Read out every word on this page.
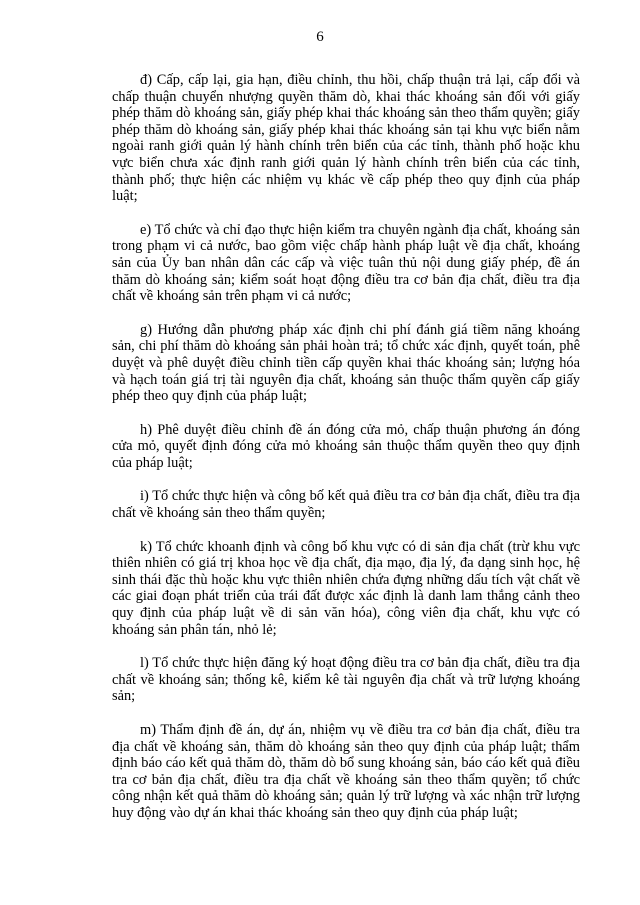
6

đ) Cấp, cấp lại, gia hạn, điều chỉnh, thu hồi, chấp thuận trả lại, cấp đổi và chấp thuận chuyển nhượng quyền thăm dò, khai thác khoáng sản đối với giấy phép thăm dò khoáng sản, giấy phép khai thác khoáng sản theo thẩm quyền; giấy phép thăm dò khoáng sản, giấy phép khai thác khoáng sản tại khu vực biển nằm ngoài ranh giới quản lý hành chính trên biển của các tỉnh, thành phố hoặc khu vực biển chưa xác định ranh giới quản lý hành chính trên biển của các tỉnh, thành phố; thực hiện các nhiệm vụ khác về cấp phép theo quy định của pháp luật;

e) Tổ chức và chỉ đạo thực hiện kiểm tra chuyên ngành địa chất, khoáng sản trong phạm vi cả nước, bao gồm việc chấp hành pháp luật về địa chất, khoáng sản của Ủy ban nhân dân các cấp và việc tuân thủ nội dung giấy phép, đề án thăm dò khoáng sản; kiểm soát hoạt động điều tra cơ bản địa chất, điều tra địa chất về khoáng sản trên phạm vi cả nước;

g) Hướng dẫn phương pháp xác định chi phí đánh giá tiềm năng khoáng sản, chi phí thăm dò khoáng sản phải hoàn trả; tổ chức xác định, quyết toán, phê duyệt và phê duyệt điều chỉnh tiền cấp quyền khai thác khoáng sản; lượng hóa và hạch toán giá trị tài nguyên địa chất, khoáng sản thuộc thẩm quyền cấp giấy phép theo quy định của pháp luật;

h) Phê duyệt điều chỉnh đề án đóng cửa mỏ, chấp thuận phương án đóng cửa mỏ, quyết định đóng cửa mỏ khoáng sản thuộc thẩm quyền theo quy định của pháp luật;

i) Tổ chức thực hiện và công bố kết quả điều tra cơ bản địa chất, điều tra địa chất về khoáng sản theo thẩm quyền;

k) Tổ chức khoanh định và công bố khu vực có di sản địa chất (trừ khu vực thiên nhiên có giá trị khoa học về địa chất, địa mạo, địa lý, đa dạng sinh học, hệ sinh thái đặc thù hoặc khu vực thiên nhiên chứa đựng những dấu tích vật chất về các giai đoạn phát triển của trái đất được xác định là danh lam thắng cảnh theo quy định của pháp luật về di sản văn hóa), công viên địa chất, khu vực có khoáng sản phân tán, nhỏ lẻ;

l) Tổ chức thực hiện đăng ký hoạt động điều tra cơ bản địa chất, điều tra địa chất về khoáng sản; thống kê, kiểm kê tài nguyên địa chất và trữ lượng khoáng sản;

m) Thẩm định đề án, dự án, nhiệm vụ về điều tra cơ bản địa chất, điều tra địa chất về khoáng sản, thăm dò khoáng sản theo quy định của pháp luật; thẩm định báo cáo kết quả thăm dò, thăm dò bổ sung khoáng sản, báo cáo kết quả điều tra cơ bản địa chất, điều tra địa chất về khoáng sản theo thẩm quyền; tổ chức công nhận kết quả thăm dò khoáng sản; quản lý trữ lượng và xác nhận trữ lượng huy động vào dự án khai thác khoáng sản theo quy định của pháp luật;
